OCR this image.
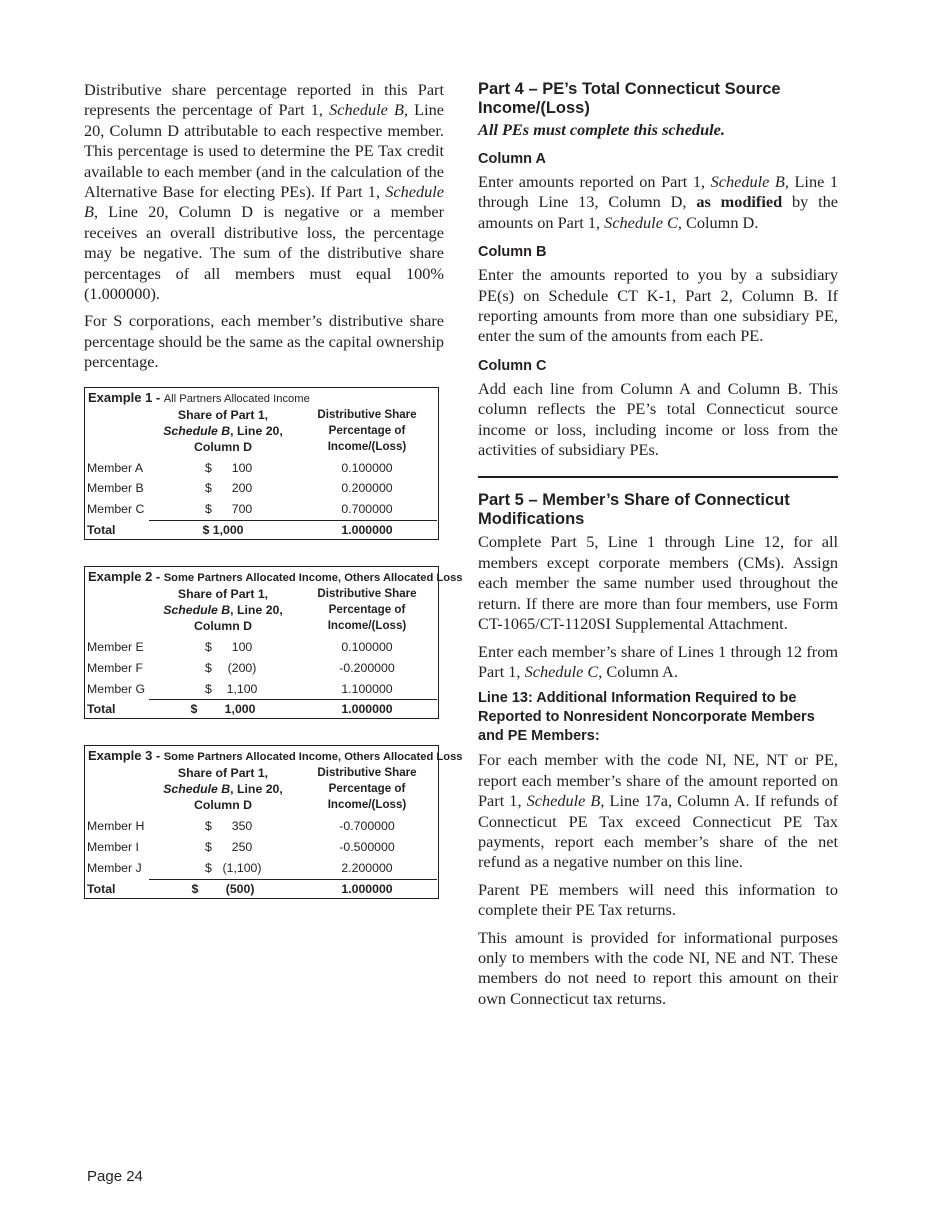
Distributive share percentage reported in this Part represents the percentage of Part 1, Schedule B, Line 20, Column D attributable to each respective member. This percentage is used to determine the PE Tax credit available to each member (and in the calculation of the Alternative Base for electing PEs). If Part 1, Schedule B, Line 20, Column D is negative or a member receives an overall distributive loss, the percentage may be negative. The sum of the distributive share percentages of all members must equal 100% (1.000000).

For S corporations, each member’s distributive share percentage should be the same as the capital ownership percentage.

Example 1 - All Partners Allocated Income
Share of Part 1,
Schedule B, Line 20,
Column D
Distributive Share
Percentage of
Income/(Loss)
Member A	$	100	0.100000
Member B	$	200	0.200000
Member C	$	700	0.700000
Total	$ 1,000	1.000000
Example 2 - Some Partners Allocated Income, Others Allocated Loss
Share of Part 1,
Schedule B, Line 20,
Column D
Distributive Share
Percentage of
Income/(Loss)
Member E	$	100	0.100000
Member F	$	(200)	-0.200000
Member G	$	1,100	1.100000
Total	$        1,000	1.000000
Example 3 - Some Partners Allocated Income, Others Allocated Loss
Share of Part 1,
Schedule B, Line 20,
Column D
Distributive Share
Percentage of
Income/(Loss)
Member H	$	350	-0.700000
Member I	$	250	-0.500000
Member J	$ (1,100)	2.200000
Total	$        (500)	1.000000
Part 4 – PE’s Total Connecticut Source Income/(Loss)

All PEs must complete this schedule.

Column A

Enter amounts reported on Part 1, Schedule B, Line 1 through Line 13, Column D, as modified by the amounts on Part 1, Schedule C, Column D.

Column B

Enter the amounts reported to you by a subsidiary PE(s) on Schedule CT K-1, Part 2, Column B. If reporting amounts from more than one subsidiary PE, enter the sum of the amounts from each PE.

Column C

Add each line from Column A and Column B. This column reflects the PE’s total Connecticut source income or loss, including income or loss from the activities of subsidiary PEs.

Part 5 – Member’s Share of Connecticut Modifications

Complete Part 5, Line 1 through Line 12, for all members except corporate members (CMs). Assign each member the same number used throughout the return. If there are more than four members, use Form CT-1065/CT-1120SI Supplemental Attachment.

Enter each member’s share of Lines 1 through 12 from Part 1, Schedule C, Column A.

Line 13: Additional Information Required to be Reported to Nonresident Noncorporate Members and PE Members:

For each member with the code NI, NE, NT or PE, report each member’s share of the amount reported on Part 1, Schedule B, Line 17a, Column A. If refunds of Connecticut PE Tax exceed Connecticut PE Tax payments, report each member’s share of the net refund as a negative number on this line.

Parent PE members will need this information to complete their PE Tax returns.

This amount is provided for informational purposes only to members with the code NI, NE and NT. These members do not need to report this amount on their own Connecticut tax returns.

Page 24
